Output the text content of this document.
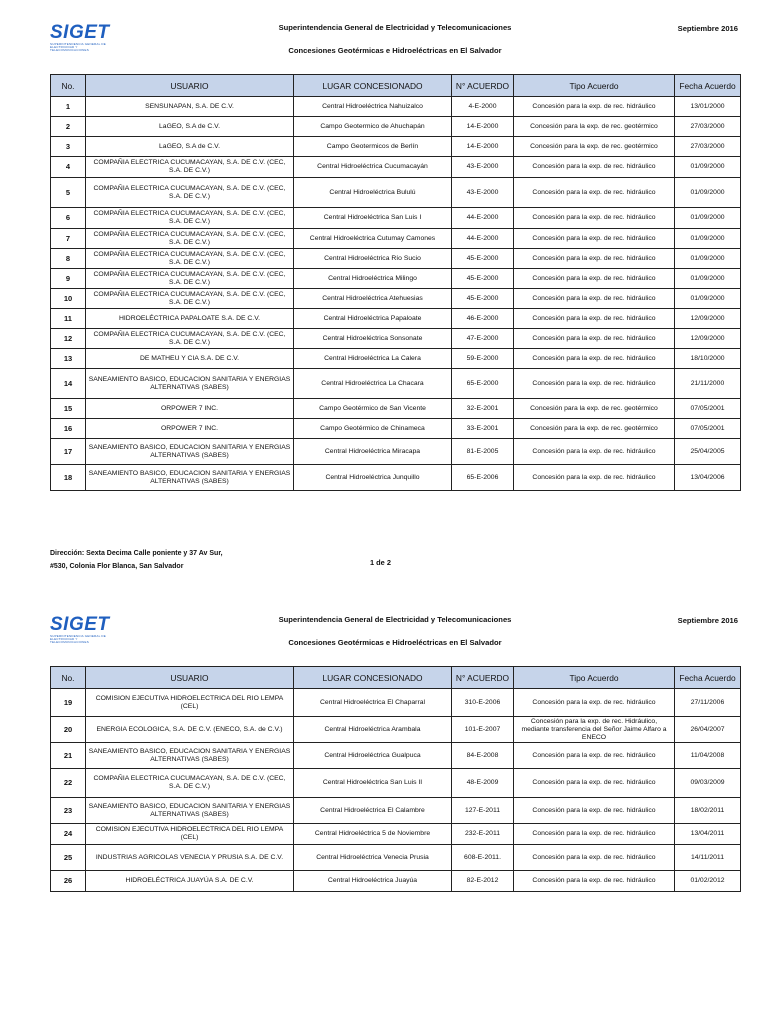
SIGET
SUPERINTENDENCIA GENERAL DE ELECTRICIDAD Y TELECOMUNICACIONES
Superintendencia General de Electricidad y Telecomunicaciones
Concesiones Geotérmicas e Hidroeléctricas en El Salvador
Septiembre 2016
No.	USUARIO	LUGAR CONCESIONADO	N° ACUERDO	Tipo Acuerdo	Fecha Acuerdo
1	SENSUNAPAN, S.A. DE C.V.	Central Hidroeléctrica Nahuizalco	4-E-2000	Concesión para la exp. de rec. hidráulico	13/01/2000
2	LaGEO, S.A de C.V.	Campo Geotermico de Ahuchapán	14-E-2000	Concesión para la exp. de rec. geotérmico	27/03/2000
3	LaGEO, S.A de C.V.	Campo Geotermicos de Berlín	14-E-2000	Concesión para la exp. de rec. geotérmico	27/03/2000
4	COMPAÑIA ELECTRICA CUCUMACAYAN, S.A. DE C.V. (CEC, S.A. DE C.V.)	Central Hidroeléctrica Cucumacayán	43-E-2000	Concesión para la exp. de rec. hidráulico	01/09/2000
5	COMPAÑIA ELECTRICA CUCUMACAYAN, S.A. DE C.V. (CEC, S.A. DE C.V.)	Central Hidroeléctrica Bululú	43-E-2000	Concesión para la exp. de rec. hidráulico	01/09/2000
6	COMPAÑIA ELECTRICA CUCUMACAYAN, S.A. DE C.V. (CEC, S.A. DE C.V.)	Central Hidroeléctrica San Luis I	44-E-2000	Concesión para la exp. de rec. hidráulico	01/09/2000
7	COMPAÑIA ELECTRICA CUCUMACAYAN, S.A. DE C.V. (CEC, S.A. DE C.V.)	Central Hidroeléctrica Cutumay Camones	44-E-2000	Concesión para la exp. de rec. hidráulico	01/09/2000
8	COMPAÑIA ELECTRICA CUCUMACAYAN, S.A. DE C.V. (CEC, S.A. DE C.V.)	Central Hidroeléctrica Río Sucio	45-E-2000	Concesión para la exp. de rec. hidráulico	01/09/2000
9	COMPAÑIA ELECTRICA CUCUMACAYAN, S.A. DE C.V. (CEC, S.A. DE C.V.)	Central Hidroeléctrica Milingo	45-E-2000	Concesión para la exp. de rec. hidráulico	01/09/2000
10	COMPAÑIA ELECTRICA CUCUMACAYAN, S.A. DE C.V. (CEC, S.A. DE C.V.)	Central Hidroeléctrica Atehuesias	45-E-2000	Concesión para la exp. de rec. hidráulico	01/09/2000
11	HIDROELÉCTRICA PAPALOATE S.A. DE C.V.	Central Hidroeléctrica Papaloate	46-E-2000	Concesión para la exp. de rec. hidráulico	12/09/2000
12	COMPAÑIA ELECTRICA CUCUMACAYAN, S.A. DE C.V. (CEC, S.A. DE C.V.)	Central Hidroeléctrica Sonsonate	47-E-2000	Concesión para la exp. de rec. hidráulico	12/09/2000
13	DE MATHEU Y CIA S.A. DE C.V.	Central Hidroeléctrica La Calera	59-E-2000	Concesión para la exp. de rec. hidráulico	18/10/2000
14	SANEAMIENTO BASICO, EDUCACION SANITARIA Y ENERGIAS ALTERNATIVAS (SABES)	Central Hidroeléctrica La Chacara	65-E-2000	Concesión para la exp. de rec. hidráulico	21/11/2000
15	ORPOWER 7 INC.	Campo Geotérmico de San Vicente	32-E-2001	Concesión para la exp. de rec. geotérmico	07/05/2001
16	ORPOWER 7 INC.	Campo Geotérmico de Chinameca	33-E-2001	Concesión para la exp. de rec. geotérmico	07/05/2001
17	SANEAMIENTO BASICO, EDUCACION SANITARIA Y ENERGIAS ALTERNATIVAS (SABES)	Central Hidroeléctrica Miracapa	81-E-2005	Concesión para la exp. de rec. hidráulico	25/04/2005
18	SANEAMIENTO BASICO, EDUCACION SANITARIA Y ENERGIAS ALTERNATIVAS (SABES)	Central Hidroeléctrica Junquillo	65-E-2006	Concesión para la exp. de rec. hidráulico	13/04/2006
Dirección: Sexta Decima Calle poniente y 37 Av Sur,
#530, Colonia Flor Blanca, San Salvador	1 de 2
SIGET
SUPERINTENDENCIA GENERAL DE ELECTRICIDAD Y TELECOMUNICACIONES
Superintendencia General de Electricidad y Telecomunicaciones
Concesiones Geotérmicas e Hidroeléctricas en El Salvador
Septiembre 2016
No.	USUARIO	LUGAR CONCESIONADO	N° ACUERDO	Tipo Acuerdo	Fecha Acuerdo
19	COMISION EJECUTIVA HIDROELECTRICA DEL RIO LEMPA (CEL)	Central Hidroeléctrica El Chaparral	310-E-2006	Concesión para la exp. de rec. hidráulico	27/11/2006
20	ENERGIA ECOLOGICA, S.A. DE C.V. (ENECO, S.A. de C.V.)	Central Hidroeléctrica Arambala	101-E-2007	Concesión para la exp. de rec. Hidráulico, mediante transferencia del Señor Jaime Alfaro a ENECO	26/04/2007
21	SANEAMIENTO BASICO, EDUCACION SANITARIA Y ENERGIAS ALTERNATIVAS (SABES)	Central Hidroeléctrica Gualpuca	84-E-2008	Concesión para la exp. de rec. hidráulico	11/04/2008
22	COMPAÑIA ELECTRICA CUCUMACAYAN, S.A. DE C.V. (CEC, S.A. DE C.V.)	Central Hidroeléctrica San Luis II	48-E-2009	Concesión para la exp. de rec. hidráulico	09/03/2009
23	SANEAMIENTO BASICO, EDUCACION SANITARIA Y ENERGIAS ALTERNATIVAS (SABES)	Central Hidroeléctrica El Calambre	127-E-2011	Concesión para la exp. de rec. hidráulico	18/02/2011
24	COMISION EJECUTIVA HIDROELECTRICA DEL RIO LEMPA (CEL)	Central Hidroeléctrica 5 de Noviembre	232-E-2011	Concesión para la exp. de rec. hidráulico	13/04/2011
25	INDUSTRIAS AGRICOLAS VENECIA Y PRUSIA S.A. DE C.V.	Central Hidroeléctrica Venecia Prusia	608-E-2011.	Concesión para la exp. de rec. hidráulico	14/11/2011
26	HIDROELÉCTRICA JUAYÚA S.A. DE C.V.	Central Hidroeléctrica Juayúa	82-E-2012	Concesión para la exp. de rec. hidráulico	01/02/2012
